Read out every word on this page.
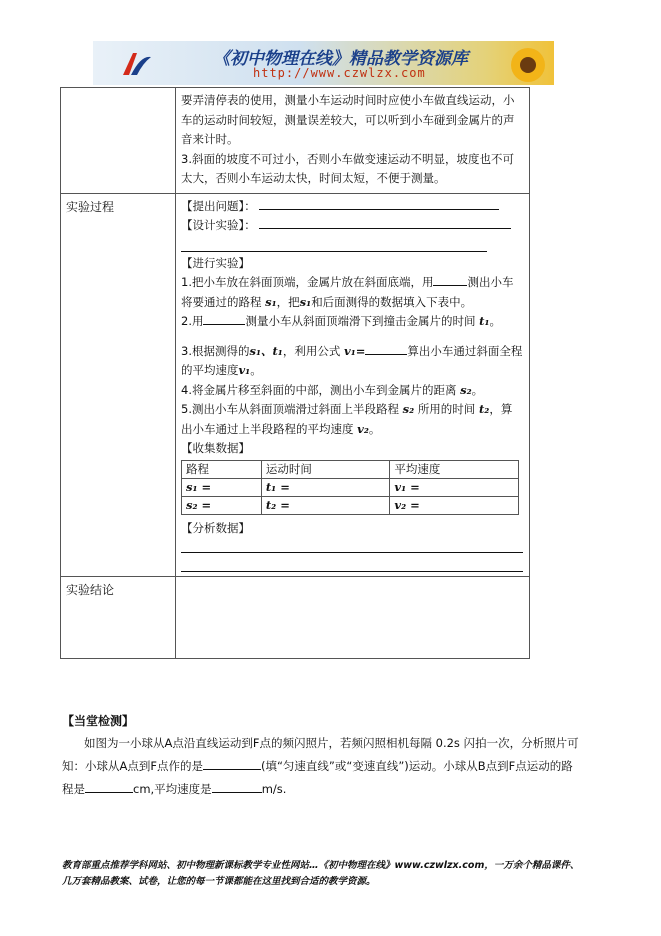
《初中物理在线》精品教学资源库
http://www.czwlzx.com

要弄清停表的使用，测量小车运动时间时应使小车做直线运动，小车的运动时间较短，测量误差较大，可以听到小车碰到金属片的声音来计时。
3.斜面的坡度不可过小，否则小车做变速运动不明显，坡度也不可太大，否则小车运动太快，时间太短，不便于测量。

实验过程	【提出问题】：
【设计实验】：
【进行实验】
1.把小车放在斜面顶端，金属片放在斜面底端，用	测出小车将要通过的路程 s₁，把s₁和后面测得的数据填入下表中。
2.用	测量小车从斜面顶端滑下到撞击金属片的时间 t₁。
3.根据测得的s₁、t₁，利用公式 v₁=	算出小车通过斜面全程的平均速度v₁。
4.将金属片移至斜面的中部，测出小车到金属片的距离 s₂。
5.测出小车从斜面顶端滑过斜面上半段路程 s₂ 所用的时间 t₂，算出小车通过上半段路程的平均速度 v₂。
【收集数据】
路程	运动时间	平均速度
s₁ =	t₁ =	v₁ =
s₂ =	t₂ =	v₂ =
【分析数据】

实验结论	
【当堂检测】
如图为一小球从A点沿直线运动到F点的频闪照片，若频闪照相机每隔 0.2s 闪拍一次，分析照片可知：小球从A点到F点作的是	(填“匀速直线”或“变速直线”)运动。小球从B点到F点运动的路程是	cm,平均速度是	m/s.
教育部重点推荐学科网站、初中物理新课标教学专业性网站…《初中物理在线》www.czwlzx.com，一万余个精品课件、
几万套精品教案、试卷，让您的每一节课都能在这里找到合适的教学资源。
